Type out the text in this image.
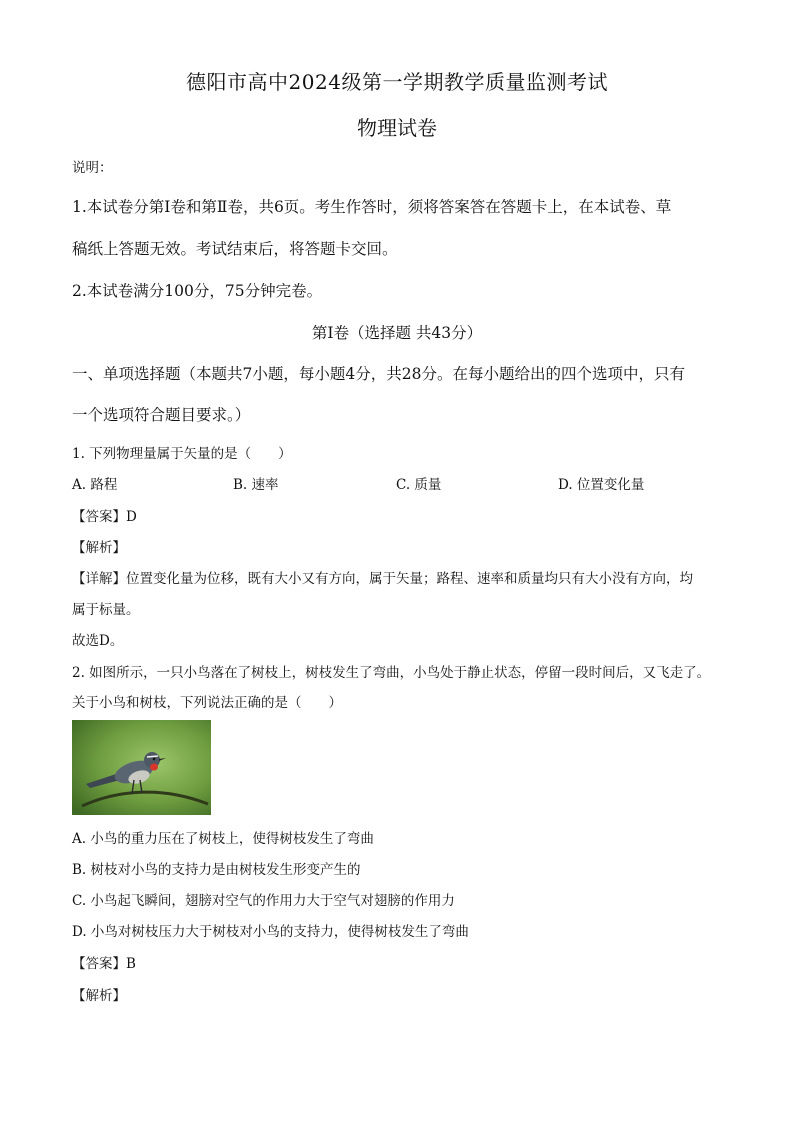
德阳市高中2024级第一学期教学质量监测考试
物理试卷
说明：
1.本试卷分第Ⅰ卷和第Ⅱ卷，共6页。考生作答时，须将答案答在答题卡上，在本试卷、草
稿纸上答题无效。考试结束后，将答题卡交回。
2.本试卷满分100分，75分钟完卷。
第Ⅰ卷（选择题 共43分）
一、单项选择题（本题共7小题，每小题4分，共28分。在每小题给出的四个选项中，只有
一个选项符合题目要求。）
1. 下列物理量属于矢量的是（　　）
A. 路程	B. 速率	C. 质量	D. 位置变化量
【答案】D
【解析】
【详解】位置变化量为位移，既有大小又有方向，属于矢量；路程、速率和质量均只有大小没有方向，均
属于标量。
故选D。
2. 如图所示，一只小鸟落在了树枝上，树枝发生了弯曲，小鸟处于静止状态，停留一段时间后，又飞走了。
关于小鸟和树枝，下列说法正确的是（　　）
A. 小鸟的重力压在了树枝上，使得树枝发生了弯曲
B. 树枝对小鸟的支持力是由树枝发生形变产生的
C. 小鸟起飞瞬间，翅膀对空气的作用力大于空气对翅膀的作用力
D. 小鸟对树枝压力大于树枝对小鸟的支持力，使得树枝发生了弯曲
【答案】B
【解析】
